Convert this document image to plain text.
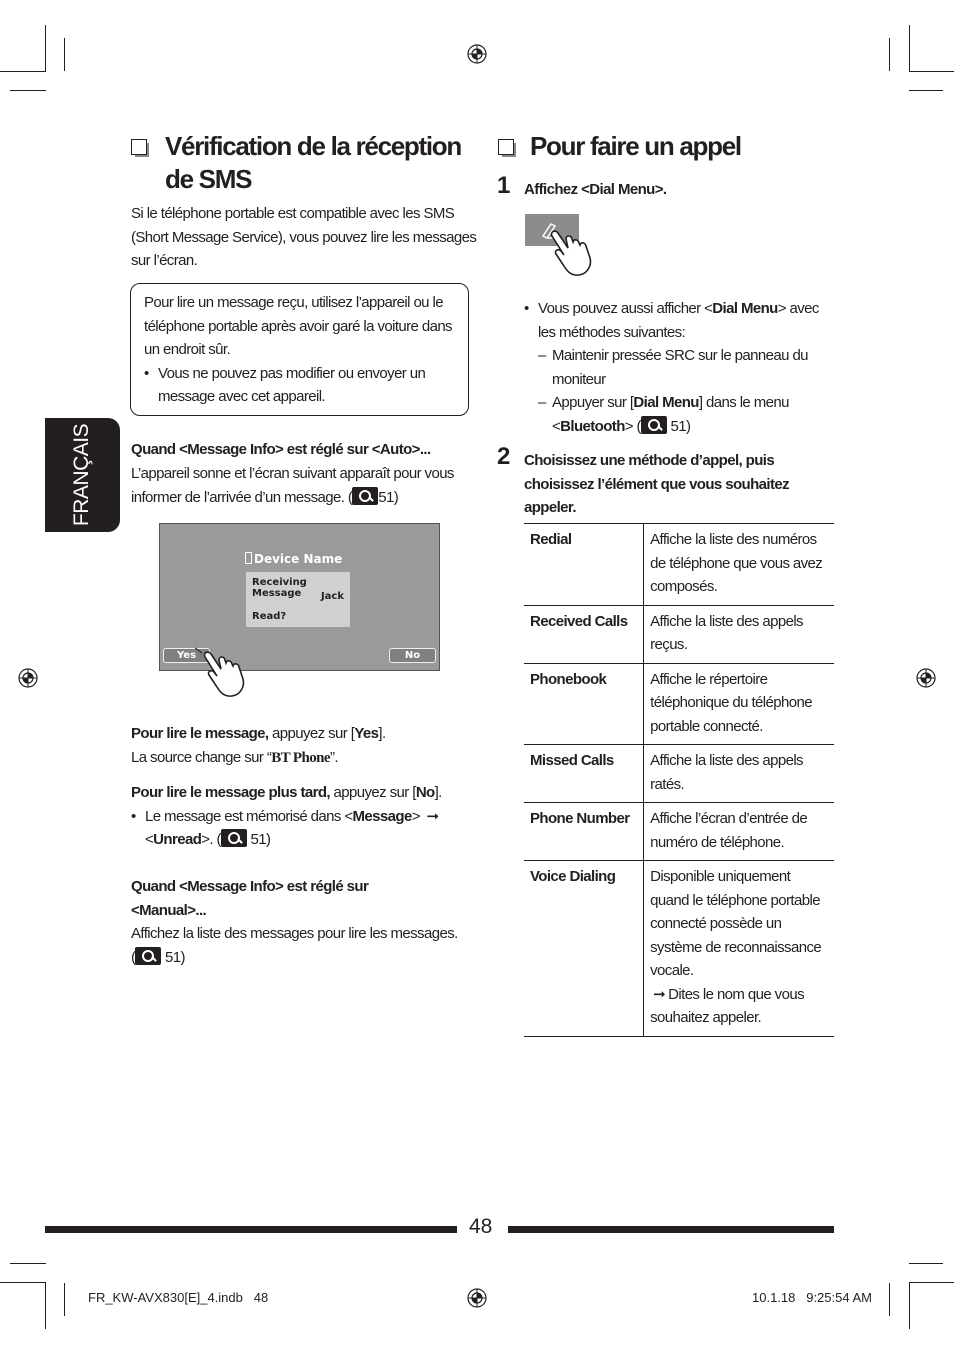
FRANÇAIS
Vérification de la réception
de SMS
Si le téléphone portable est compatible avec les SMS
(Short Message Service), vous pouvez lire les messages
sur l’écran.
Pour lire un message reçu, utilisez l’appareil ou le
téléphone portable après avoir garé la voiture dans
un endroit sûr.
• Vous ne pouvez pas modifier ou envoyer un
message avec cet appareil.
Quand <Message Info> est réglé sur <Auto>...
L’appareil sonne et l’écran suivant apparaît pour vous
informer de l’arrivée d’un message. ( 51)
Device Name
Receiving Message	Jack
Read?
Yes	No
Pour lire le message, appuyez sur [Yes].
La source change sur “BT Phone”.
Pour lire le message plus tard, appuyez sur [No].
• Le message est mémorisé dans <Message> ➞
<Unread>. ( 51)
Quand <Message Info> est réglé sur
<Manual>...
Affichez la liste des messages pour lire les messages.
( 51)
Pour faire un appel
1 Affichez <Dial Menu>.
• Vous pouvez aussi afficher <Dial Menu> avec
les méthodes suivantes:
– Maintenir pressée SRC sur le panneau du
moniteur
– Appuyer sur [Dial Menu] dans le menu
<Bluetooth> ( 51)
2 Choisissez une méthode d’appel, puis
choisissez l’élément que vous souhaitez
appeler.
Redial	Affiche la liste des numéros de téléphone que vous avez composés.
Received Calls	Affiche la liste des appels reçus.
Phonebook	Affiche le répertoire téléphonique du téléphone portable connecté.
Missed Calls	Affiche la liste des appels ratés.
Phone Number	Affiche l’écran d’entrée de numéro de téléphone.
Voice Dialing	Disponible uniquement quand le téléphone portable connecté possède un système de reconnaissance vocale.
➞ Dites le nom que vous souhaitez appeler.
48
FR_KW-AVX830[E]_4.indb   48	10.1.18   9:25:54 AM
